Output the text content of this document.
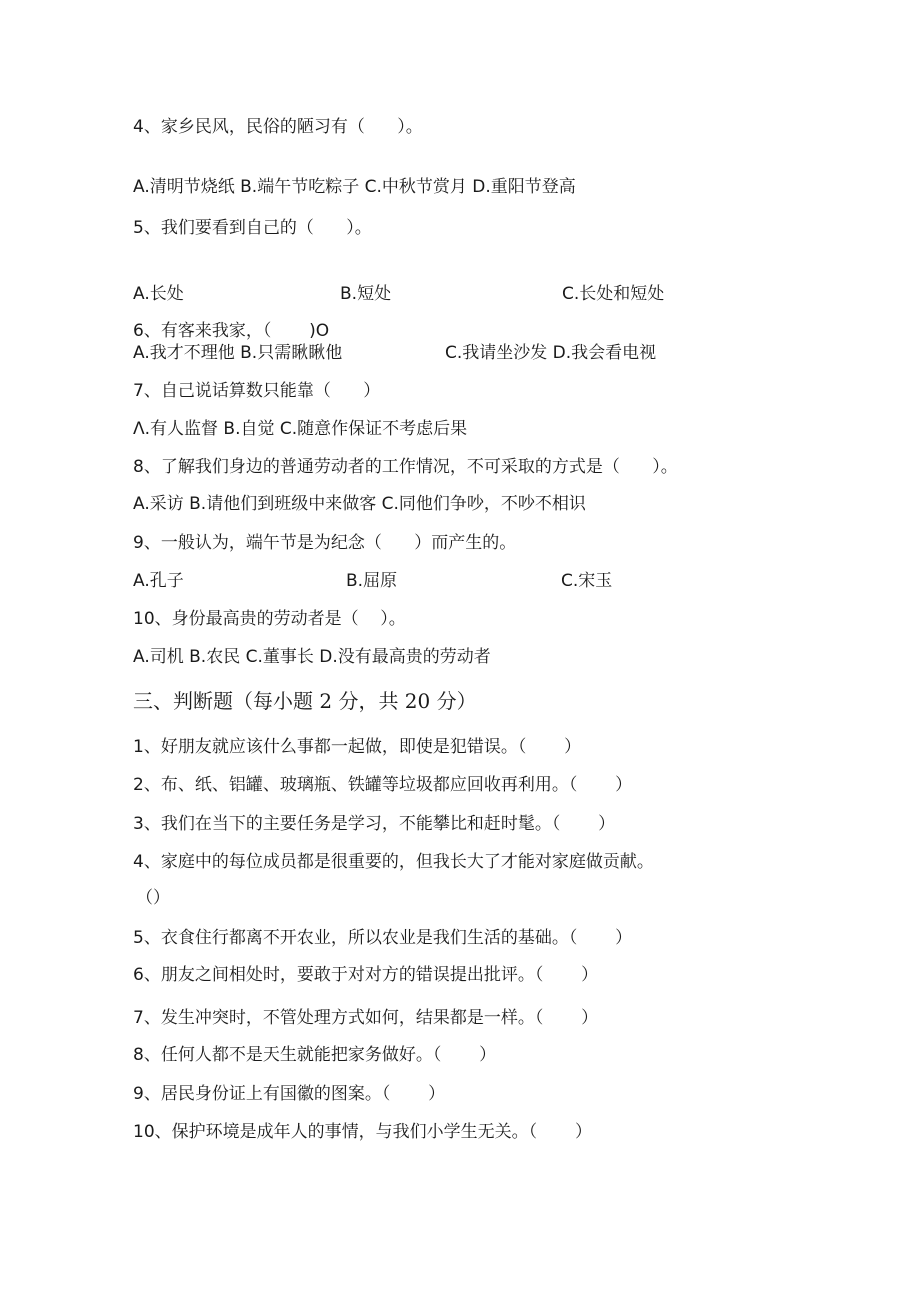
4、家乡民风，民俗的陋习有（      ）。
A.清明节烧纸 B.端午节吃粽子 C.中秋节赏月 D.重阳节登高
5、我们要看到自己的（      ）。
A.长处	B.短处	C.长处和短处
6、有客来我家，（       )O
A.我才不理他 B.只需瞅瞅他	C.我请坐沙发 D.我会看电视
7、自己说话算数只能靠（      ）
Λ.有人监督 B.自觉 C.随意作保证不考虑后果
8、了解我们身边的普通劳动者的工作情况，不可采取的方式是（      ）。
A.采访 B.请他们到班级中来做客 C.同他们争吵，不吵不相识
9、一般认为，端午节是为纪念（      ）而产生的。
A.孔子	B.屈原	C.宋玉
10、身份最高贵的劳动者是（    ）。
A.司机 B.农民 C.董事长 D.没有最高贵的劳动者
三、判断题（每小题 2 分，共 20 分）
1、好朋友就应该什么事都一起做，即使是犯错误。（       ）
2、布、纸、铝罐、玻璃瓶、铁罐等垃圾都应回收再利用。（       ）
3、我们在当下的主要任务是学习，不能攀比和赶时髦。（       ）
4、家庭中的每位成员都是很重要的，但我长大了才能对家庭做贡献。
（）
5、衣食住行都离不开农业，所以农业是我们生活的基础。（       ）
6、朋友之间相处时，要敢于对对方的错误提出批评。（       ）
7、发生冲突时，不管处理方式如何，结果都是一样。（       ）
8、任何人都不是天生就能把家务做好。（       ）
9、居民身份证上有国徽的图案。（       ）
10、保护环境是成年人的事情，与我们小学生无关。（       ）
